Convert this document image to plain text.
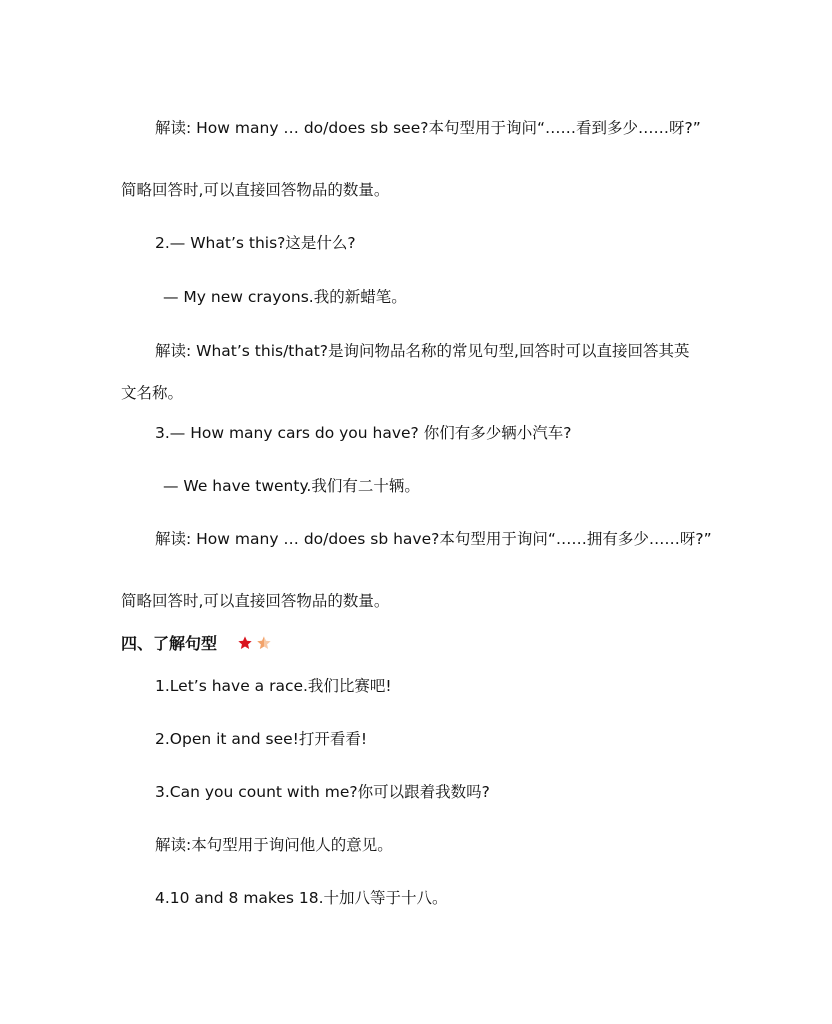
解读: How many … do/does sb see?本句型用于询问“……看到多少……呀?”
简略回答时,可以直接回答物品的数量。
2.— What’s this?这是什么?
— My new crayons.我的新蜡笔。
解读: What’s this/that?是询问物品名称的常见句型,回答时可以直接回答其英
文名称。
3.— How many cars do you have? 你们有多少辆小汽车?
— We have twenty.我们有二十辆。
解读: How many … do/does sb have?本句型用于询问“……拥有多少……呀?”
简略回答时,可以直接回答物品的数量。
四、了解句型
1.Let’s have a race.我们比赛吧!
2.Open it and see!打开看看!
3.Can you count with me?你可以跟着我数吗?
解读:本句型用于询问他人的意见。
4.10 and 8 makes 18.十加八等于十八。
